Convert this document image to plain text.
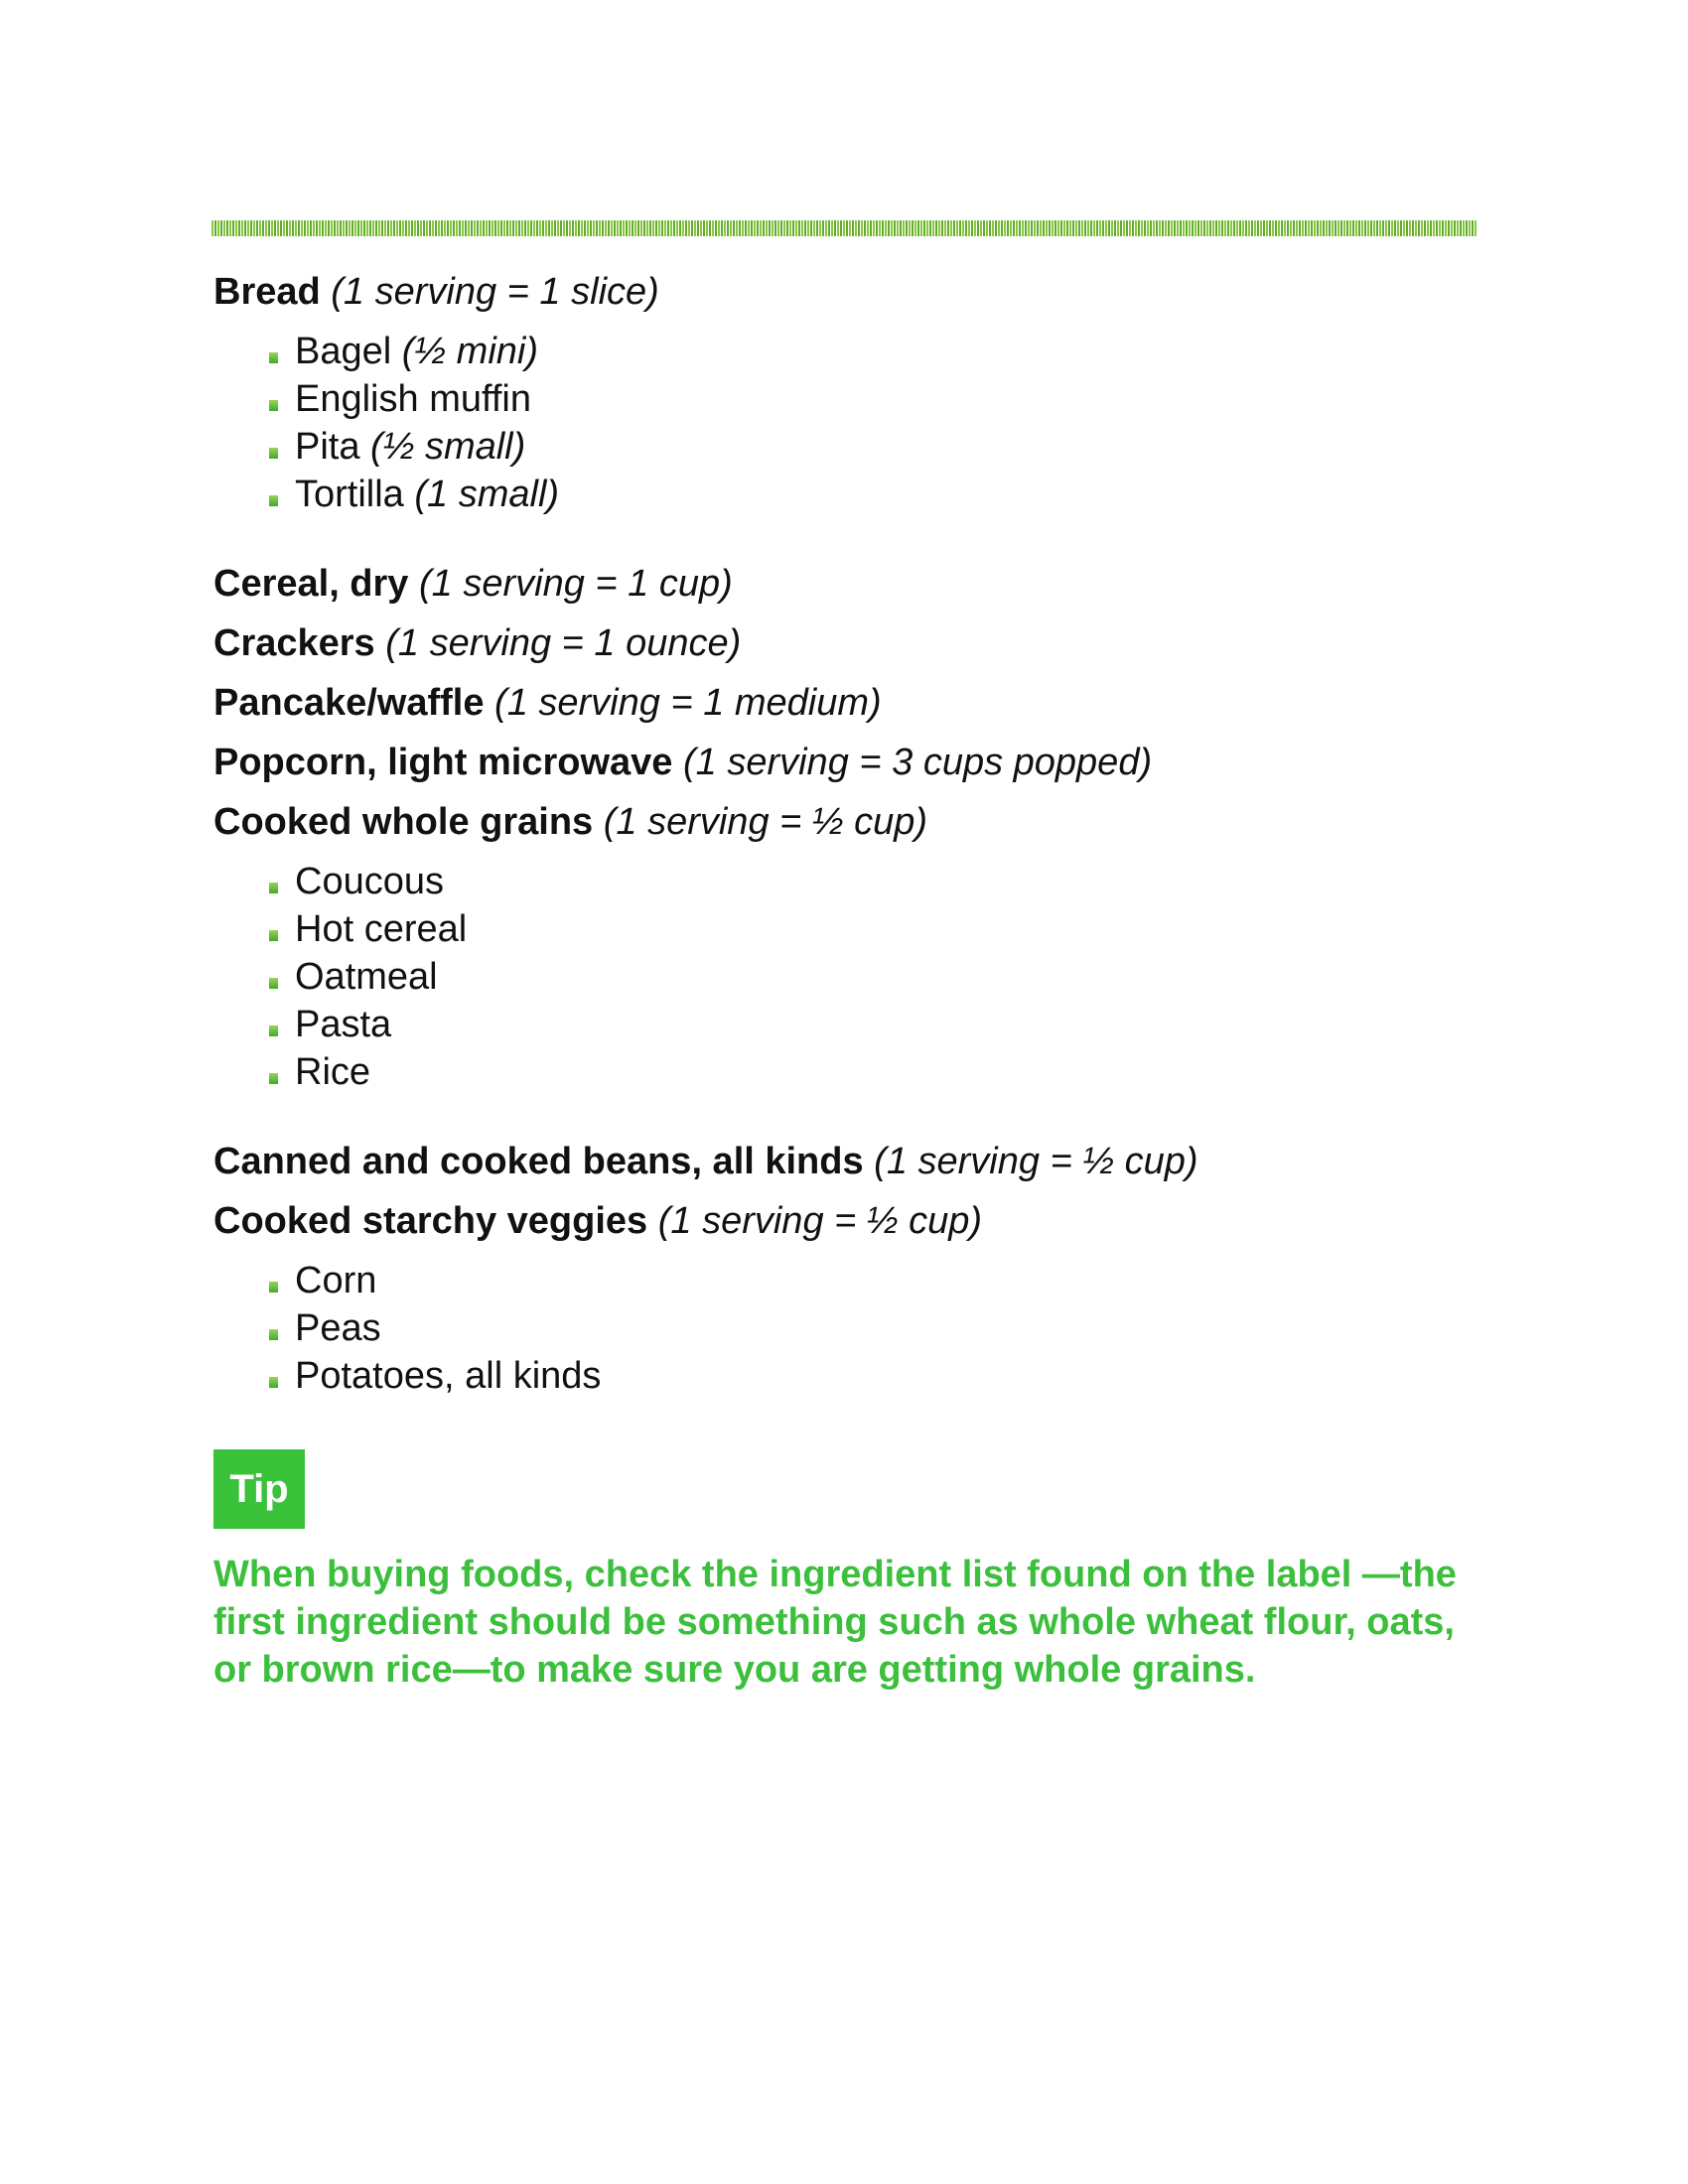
Bread (1 serving = 1 slice)
Bagel (½ mini)
English muffin
Pita (½ small)
Tortilla (1 small)
Cereal, dry (1 serving = 1 cup)
Crackers (1 serving = 1 ounce)
Pancake/waffle (1 serving = 1 medium)
Popcorn, light microwave (1 serving = 3 cups popped)
Cooked whole grains (1 serving = ½ cup)
Coucous
Hot cereal
Oatmeal
Pasta
Rice
Canned and cooked beans, all kinds (1 serving = ½ cup)
Cooked starchy veggies (1 serving = ½ cup)
Corn
Peas
Potatoes, all kinds
Tip
When buying foods, check the ingredient list found on the label —the first ingredient should be something such as whole wheat flour, oats, or brown rice—to make sure you are getting whole grains.
